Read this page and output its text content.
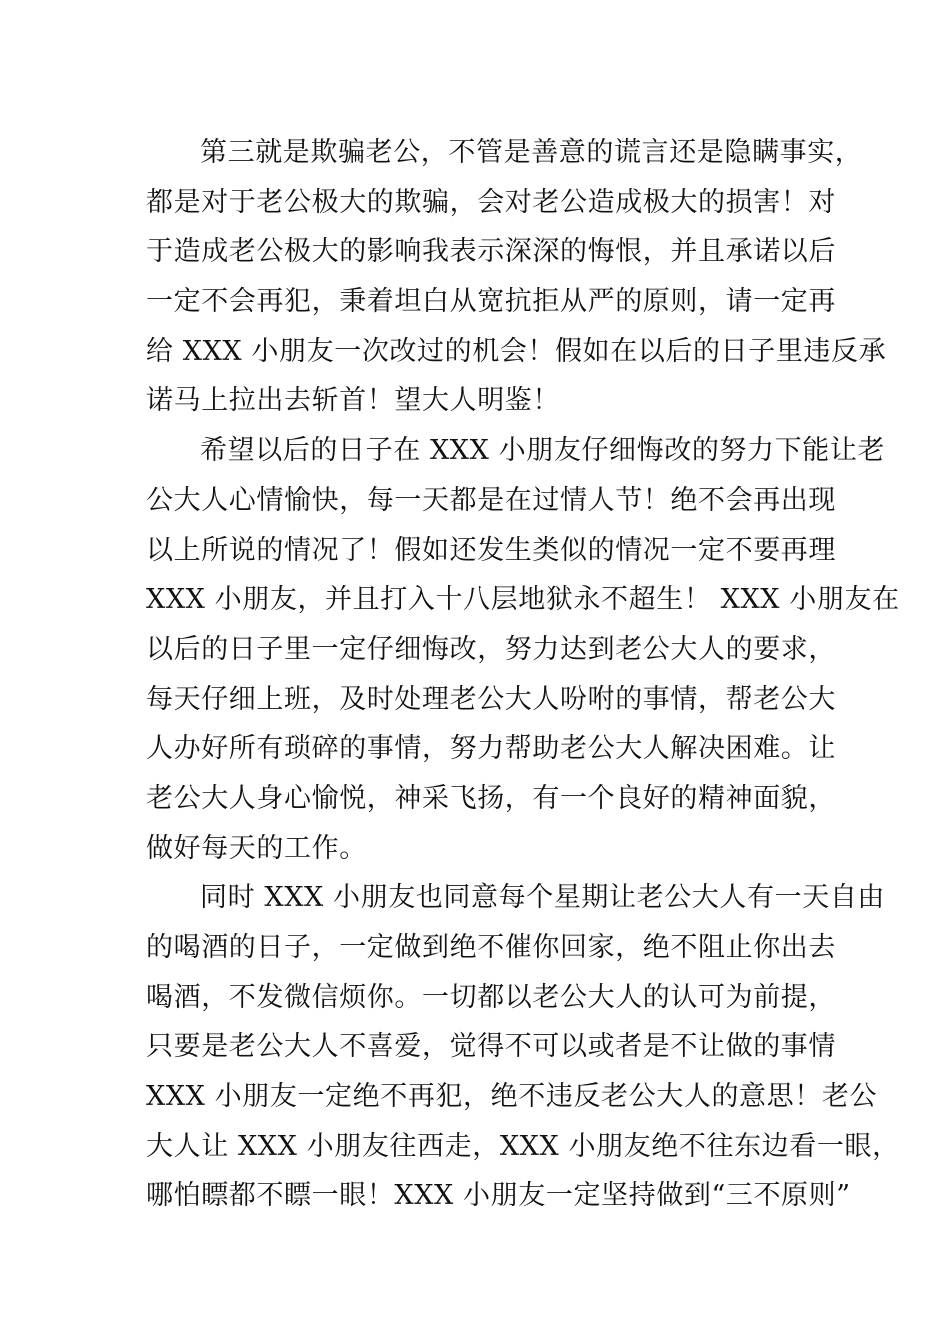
第三就是欺骗老公，不管是善意的谎言还是隐瞒事实，
都是对于老公极大的欺骗，会对老公造成极大的损害！对
于造成老公极大的影响我表示深深的悔恨，并且承诺以后
一定不会再犯，秉着坦白从宽抗拒从严的原则，请一定再
给 XXX 小朋友一次改过的机会！假如在以后的日子里违反承
诺马上拉出去斩首！望大人明鉴！
希望以后的日子在 XXX 小朋友仔细悔改的努力下能让老
公大人心情愉快，每一天都是在过情人节！绝不会再出现
以上所说的情况了！假如还发生类似的情况一定不要再理
XXX 小朋友，并且打入十八层地狱永不超生！ XXX 小朋友在
以后的日子里一定仔细悔改，努力达到老公大人的要求，
每天仔细上班，及时处理老公大人吩咐的事情，帮老公大
人办好所有琐碎的事情，努力帮助老公大人解决困难。让
老公大人身心愉悦，神采飞扬，有一个良好的精神面貌，
做好每天的工作。
同时 XXX 小朋友也同意每个星期让老公大人有一天自由
的喝酒的日子，一定做到绝不催你回家，绝不阻止你出去
喝酒，不发微信烦你。一切都以老公大人的认可为前提，
只要是老公大人不喜爱，觉得不可以或者是不让做的事情
XXX 小朋友一定绝不再犯，绝不违反老公大人的意思！老公
大人让 XXX 小朋友往西走，XXX 小朋友绝不往东边看一眼，
哪怕瞟都不瞟一眼！XXX 小朋友一定坚持做到“三不原则”
